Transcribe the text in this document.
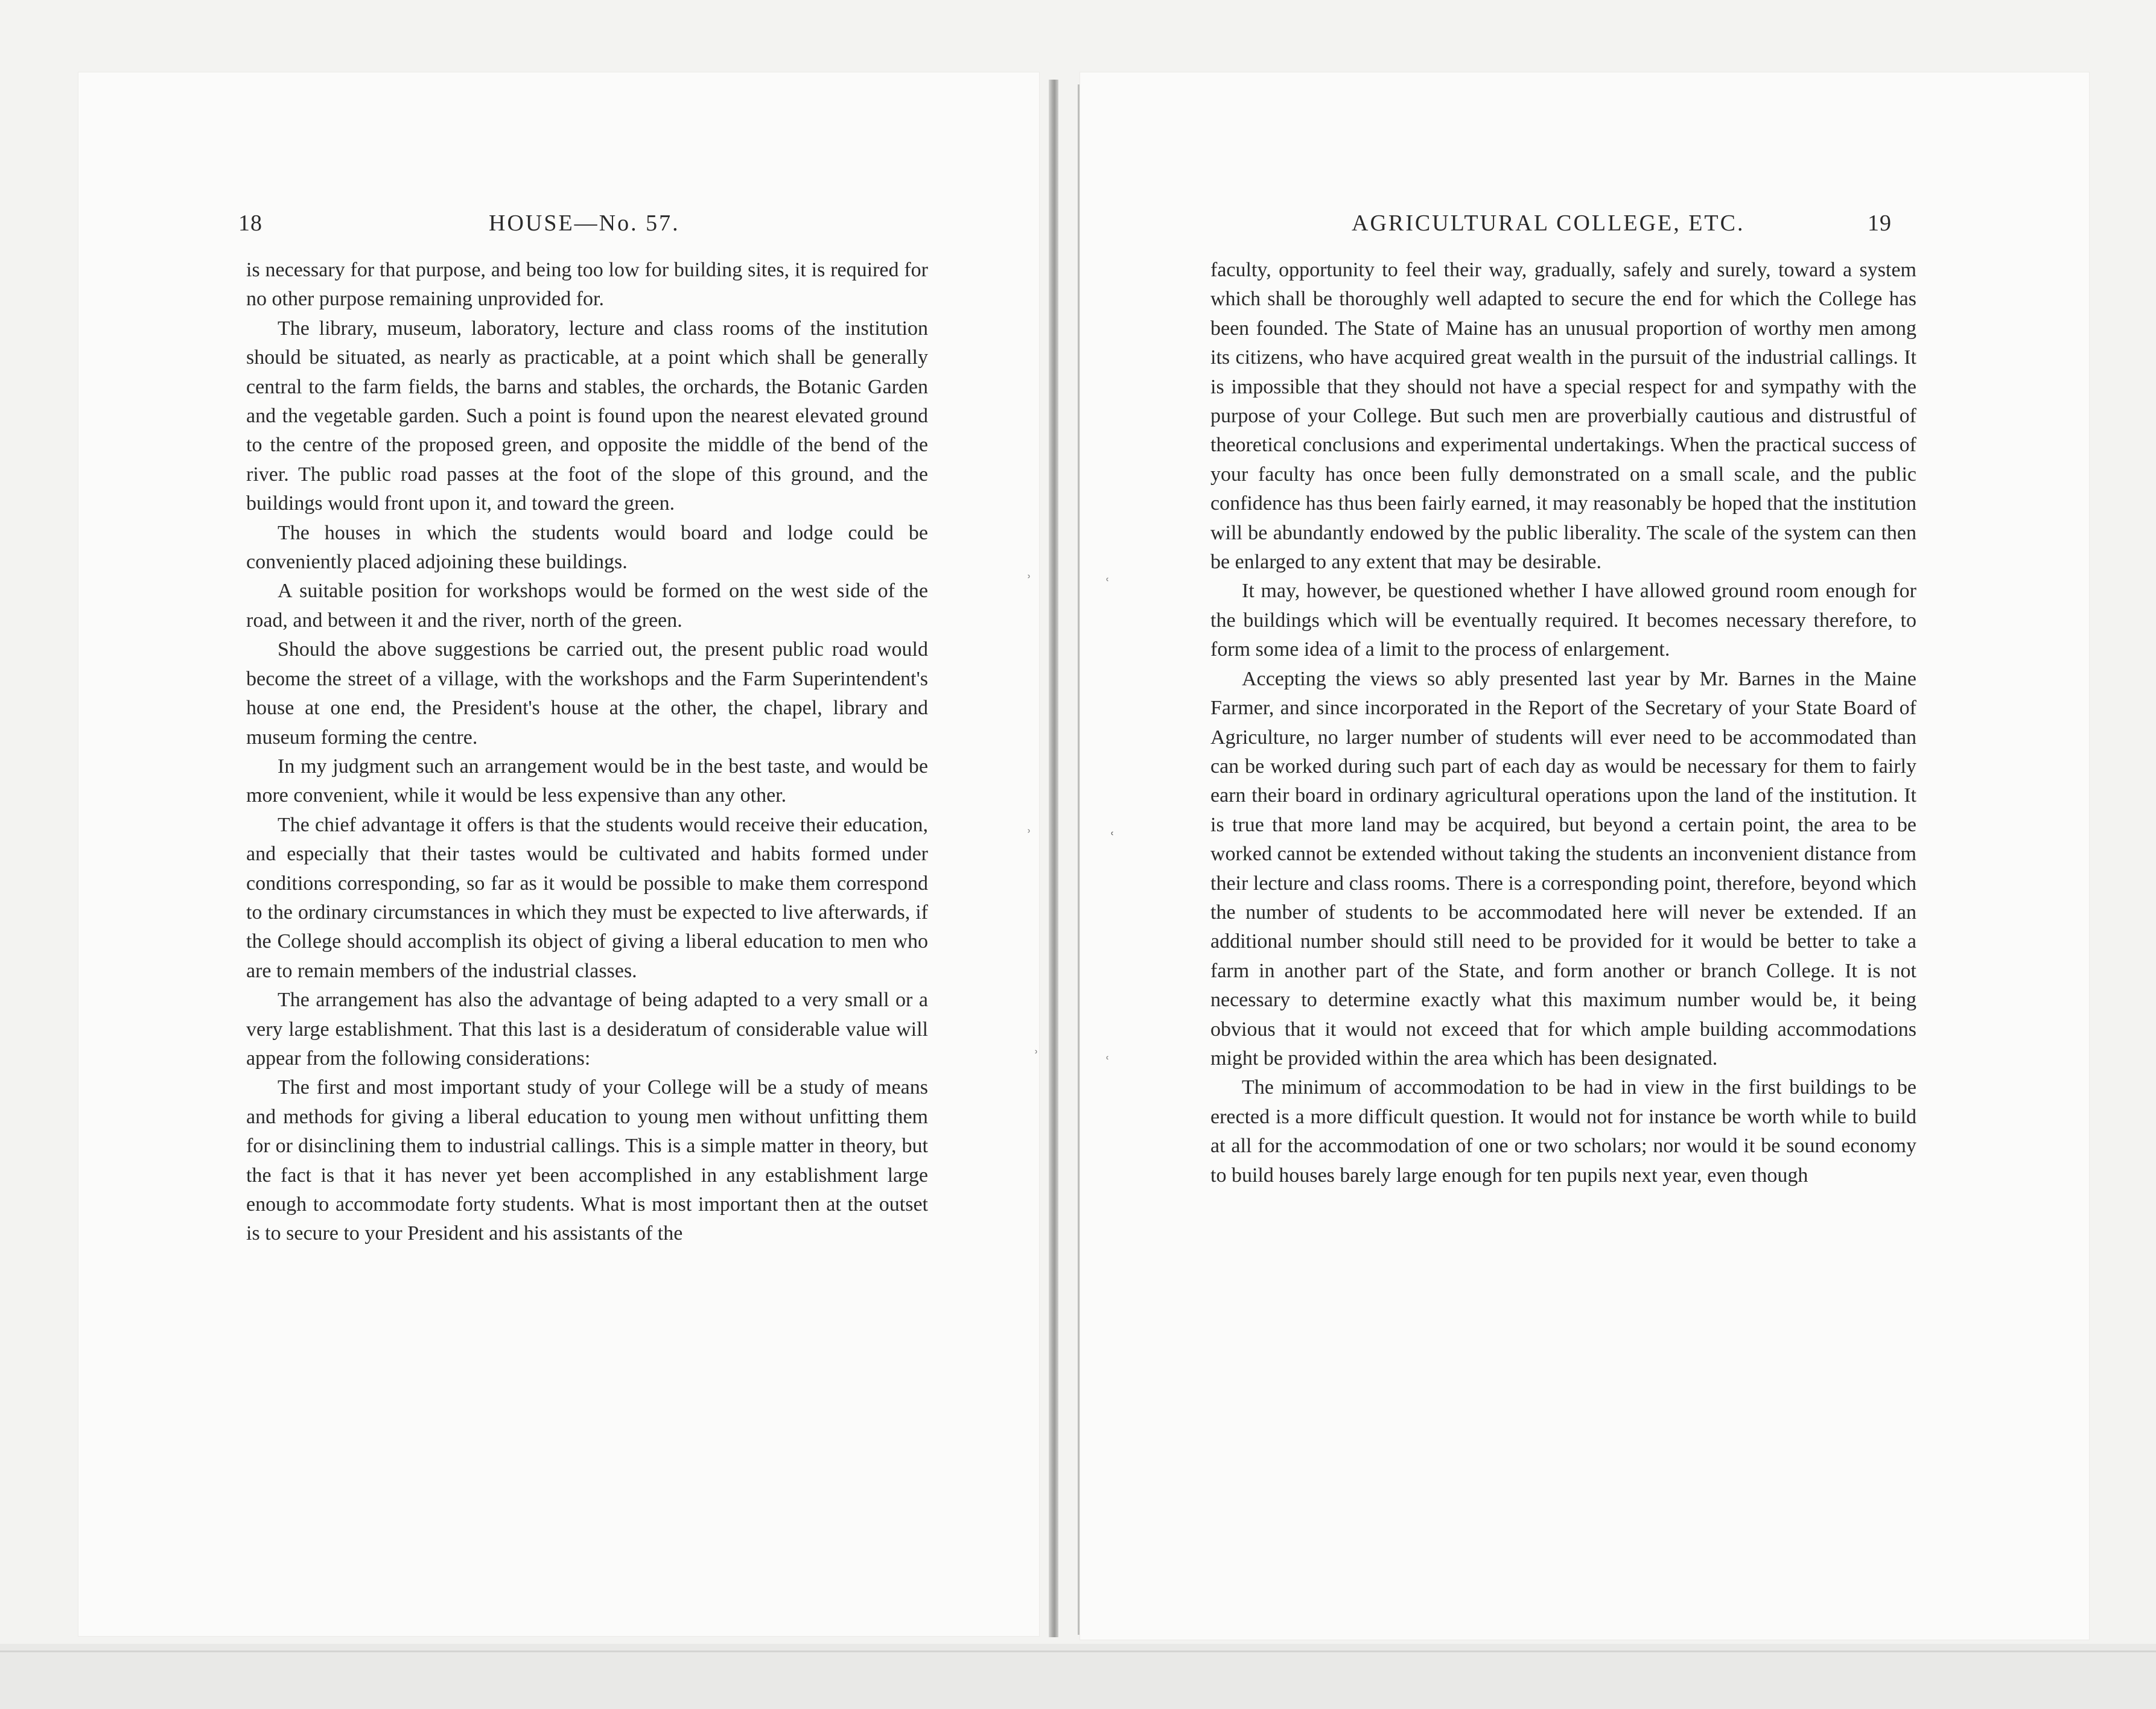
18	HOUSE—No. 57.	AGRICULTURAL COLLEGE, ETC.	19

is necessary for that purpose, and being too low for building sites, it is required for no other purpose remaining unprovided for.

The library, museum, laboratory, lecture and class rooms of the institution should be situated, as nearly as practicable, at a point which shall be generally central to the farm fields, the barns and stables, the orchards, the Botanic Garden and the vegetable garden. Such a point is found upon the nearest elevated ground to the centre of the proposed green, and opposite the middle of the bend of the river. The public road passes at the foot of the slope of this ground, and the buildings would front upon it, and toward the green.

The houses in which the students would board and lodge could be conveniently placed adjoining these buildings.

A suitable position for workshops would be formed on the west side of the road, and between it and the river, north of the green.

Should the above suggestions be carried out, the present public road would become the street of a village, with the workshops and the Farm Superintendent's house at one end, the President's house at the other, the chapel, library and museum forming the centre.

In my judgment such an arrangement would be in the best taste, and would be more convenient, while it would be less expensive than any other.

The chief advantage it offers is that the students would receive their education, and especially that their tastes would be cultivated and habits formed under conditions corresponding, so far as it would be possible to make them correspond to the ordinary circumstances in which they must be expected to live afterwards, if the College should accomplish its object of giving a liberal education to men who are to remain members of the industrial classes.

The arrangement has also the advantage of being adapted to a very small or a very large establishment. That this last is a desideratum of considerable value will appear from the following considerations:

The first and most important study of your College will be a study of means and methods for giving a liberal education to young men without unfitting them for or disinclining them to industrial callings. This is a simple matter in theory, but the fact is that it has never yet been accomplished in any establishment large enough to accommodate forty students. What is most important then at the outset is to secure to your President and his assistants of the

faculty, opportunity to feel their way, gradually, safely and surely, toward a system which shall be thoroughly well adapted to secure the end for which the College has been founded. The State of Maine has an unusual proportion of worthy men among its citizens, who have acquired great wealth in the pursuit of the industrial callings. It is impossible that they should not have a special respect for and sympathy with the purpose of your College. But such men are proverbially cautious and distrustful of theoretical conclusions and experimental undertakings. When the practical success of your faculty has once been fully demonstrated on a small scale, and the public confidence has thus been fairly earned, it may reasonably be hoped that the institution will be abundantly endowed by the public liberality. The scale of the system can then be enlarged to any extent that may be desirable.

It may, however, be questioned whether I have allowed ground room enough for the buildings which will be eventually required. It becomes necessary therefore, to form some idea of a limit to the process of enlargement.

Accepting the views so ably presented last year by Mr. Barnes in the Maine Farmer, and since incorporated in the Report of the Secretary of your State Board of Agriculture, no larger number of students will ever need to be accommodated than can be worked during such part of each day as would be necessary for them to fairly earn their board in ordinary agricultural operations upon the land of the institution. It is true that more land may be acquired, but beyond a certain point, the area to be worked cannot be extended without taking the students an inconvenient distance from their lecture and class rooms. There is a corresponding point, therefore, beyond which the number of students to be accommodated here will never be extended. If an additional number should still need to be provided for it would be better to take a farm in another part of the State, and form another or branch College. It is not necessary to determine exactly what this maximum number would be, it being obvious that it would not exceed that for which ample building accommodations might be provided within the area which has been designated.

The minimum of accommodation to be had in view in the first buildings to be erected is a more difficult question. It would not for instance be worth while to build at all for the accommodation of one or two scholars; nor would it be sound economy to build houses barely large enough for ten pupils next year, even though

ʾ	ʿ
ʾ	ʿ
ʾ	ʿ
